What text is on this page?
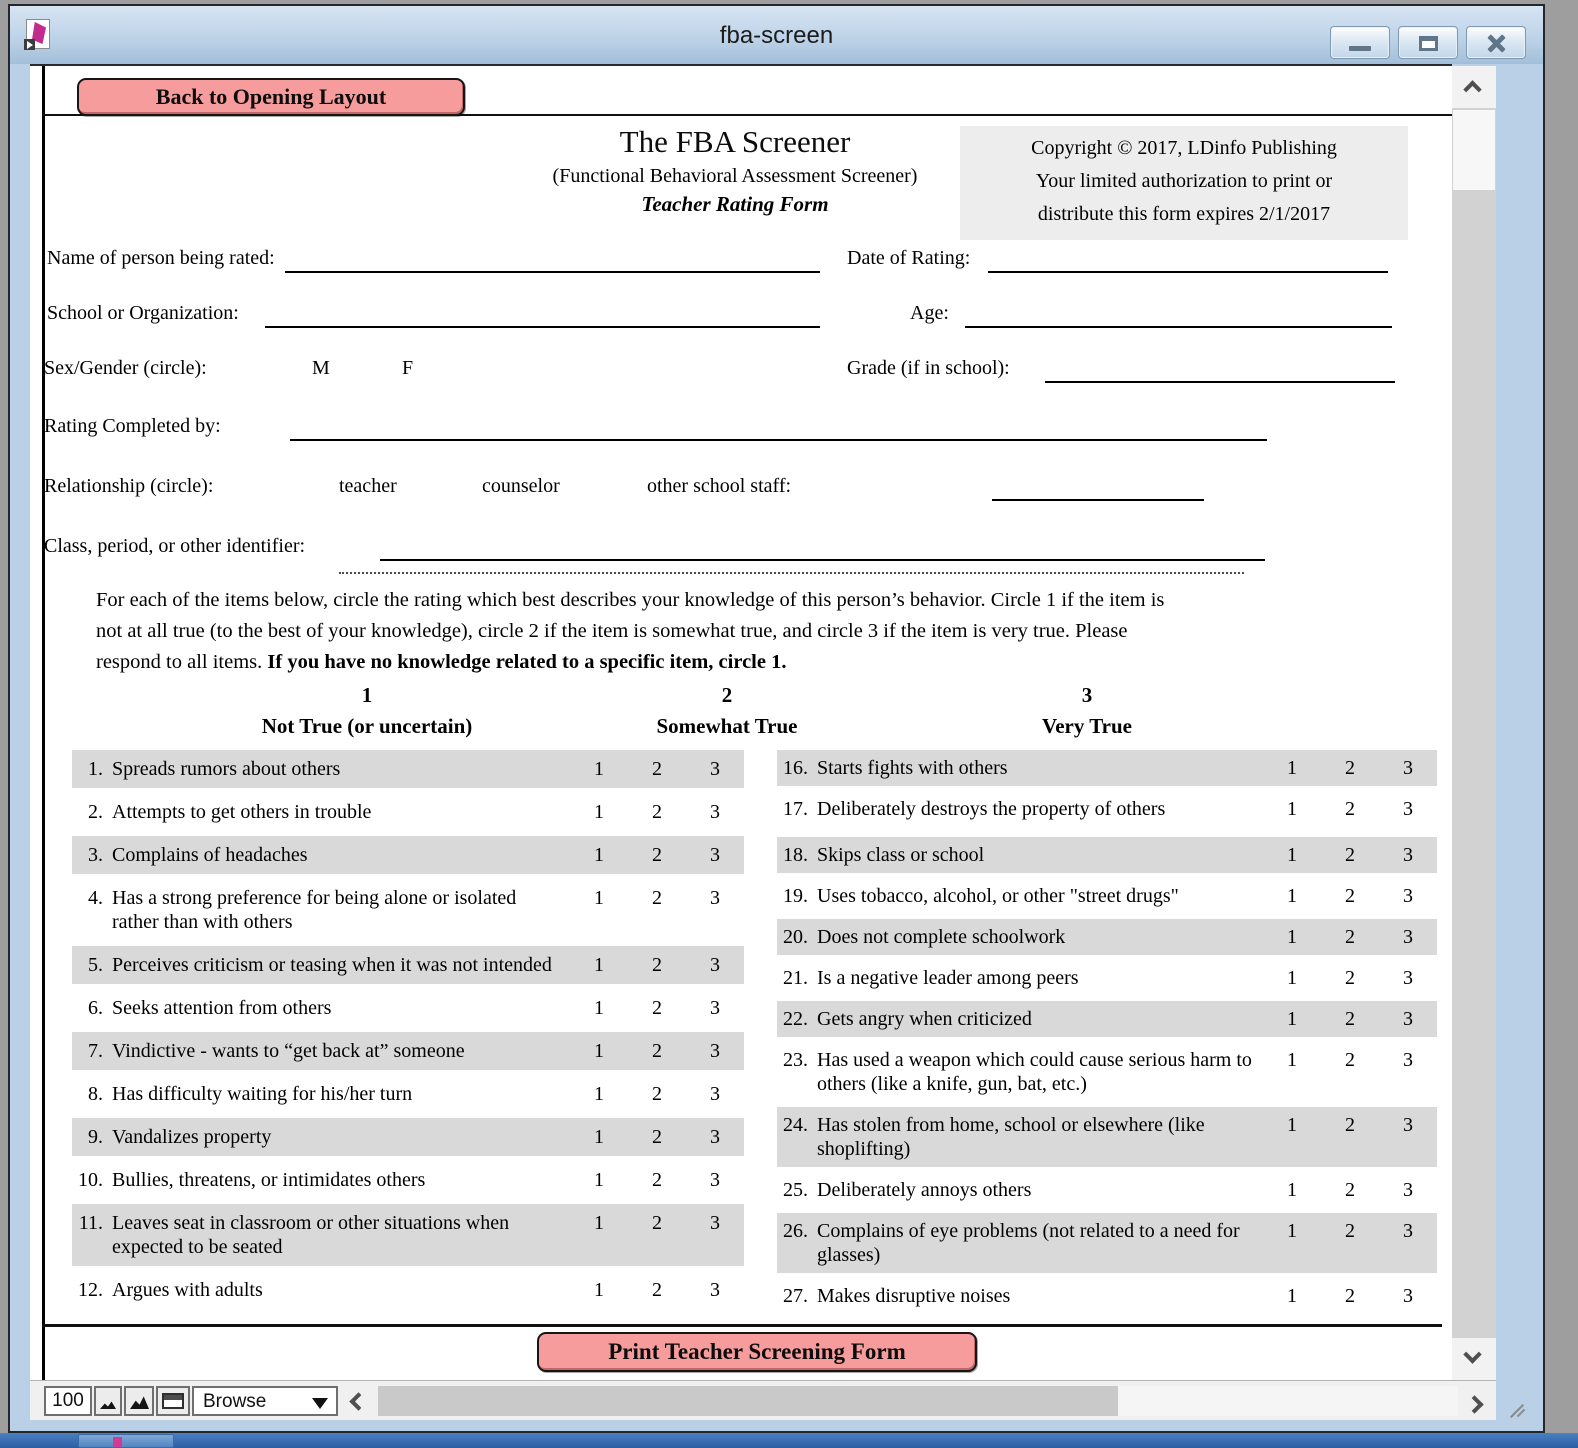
fba-screen
Back to Opening Layout
The FBA Screener
(Functional Behavioral Assessment Screener)
Teacher Rating Form
Copyright © 2017, LDinfo Publishing
Your limited authorization to print or
distribute this form expires 2/1/2017
Name of person being rated:	Date of Rating:
School or Organization:	Age:
Sex/Gender (circle):	M	F	Grade (if in school):
Rating Completed by:
Relationship (circle):	teacher	counselor	other school staff:
Class, period, or other identifier:
For each of the items below, circle the rating which best describes your knowledge of this person’s behavior. Circle 1 if the item is
not at all true (to the best of your knowledge), circle 2 if the item is somewhat true, and circle 3 if the item is very true. Please
respond to all items. If you have no knowledge related to a specific item, circle 1.
1	2	3
Not True (or uncertain)	Somewhat True	Very True
1. Spreads rumors about others	1	2	3
2. Attempts to get others in trouble	1	2	3
3. Complains of headaches	1	2	3
4. Has a strong preference for being alone or isolated rather than with others
1	2	3
5. Perceives criticism or teasing when it was not intended	1	2	3
6. Seeks attention from others	1	2	3
7. Vindictive - wants to “get back at” someone	1	2	3
8. Has difficulty waiting for his/her turn	1	2	3
9. Vandalizes property	1	2	3
10. Bullies, threatens, or intimidates others	1	2	3
11. Leaves seat in classroom or other situations when expected to be seated
1	2	3
12. Argues with adults	1	2	3
16. Starts fights with others	1	2	3
17. Deliberately destroys the property of others	1	2	3
18. Skips class or school	1	2	3
19. Uses tobacco, alcohol, or other "street drugs"	1	2	3
20. Does not complete schoolwork	1	2	3
21. Is a negative leader among peers	1	2	3
22. Gets angry when criticized	1	2	3
23. Has used a weapon which could cause serious harm to others (like a knife, gun, bat, etc.)
1	2	3
24. Has stolen from home, school or elsewhere (like shoplifting)
1	2	3
25. Deliberately annoys others	1	2	3
26. Complains of eye problems (not related to a need for glasses)
1	2	3
27. Makes disruptive noises	1	2	3
Print Teacher Screening Form
100	Browse
